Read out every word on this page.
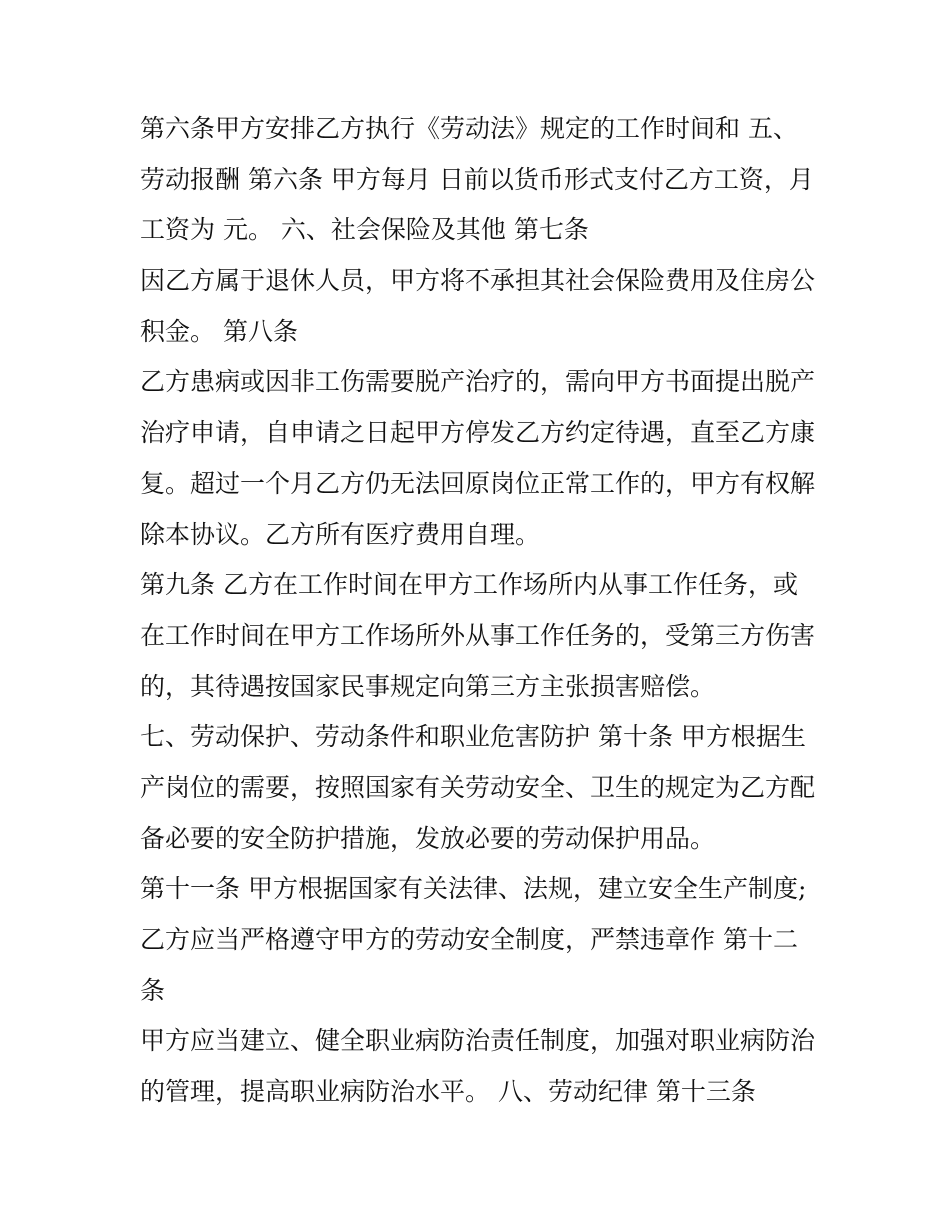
第六条甲方安排乙方执行《劳动法》规定的工作时间和 五、
劳动报酬 第六条 甲方每月 日前以货币形式支付乙方工资，月
工资为 元。 六、社会保险及其他 第七条
因乙方属于退休人员，甲方将不承担其社会保险费用及住房公
积金。 第八条
乙方患病或因非工伤需要脱产治疗的，需向甲方书面提出脱产
治疗申请，自申请之日起甲方停发乙方约定待遇，直至乙方康
复。超过一个月乙方仍无法回原岗位正常工作的，甲方有权解
除本协议。乙方所有医疗费用自理。
第九条 乙方在工作时间在甲方工作场所内从事工作任务，或
在工作时间在甲方工作场所外从事工作任务的，受第三方伤害
的，其待遇按国家民事规定向第三方主张损害赔偿。
七、劳动保护、劳动条件和职业危害防护 第十条 甲方根据生
产岗位的需要，按照国家有关劳动安全、卫生的规定为乙方配
备必要的安全防护措施，发放必要的劳动保护用品。
第十一条 甲方根据国家有关法律、法规，建立安全生产制度;
乙方应当严格遵守甲方的劳动安全制度，严禁违章作 第十二
条
甲方应当建立、健全职业病防治责任制度，加强对职业病防治
的管理，提高职业病防治水平。 八、劳动纪律 第十三条
